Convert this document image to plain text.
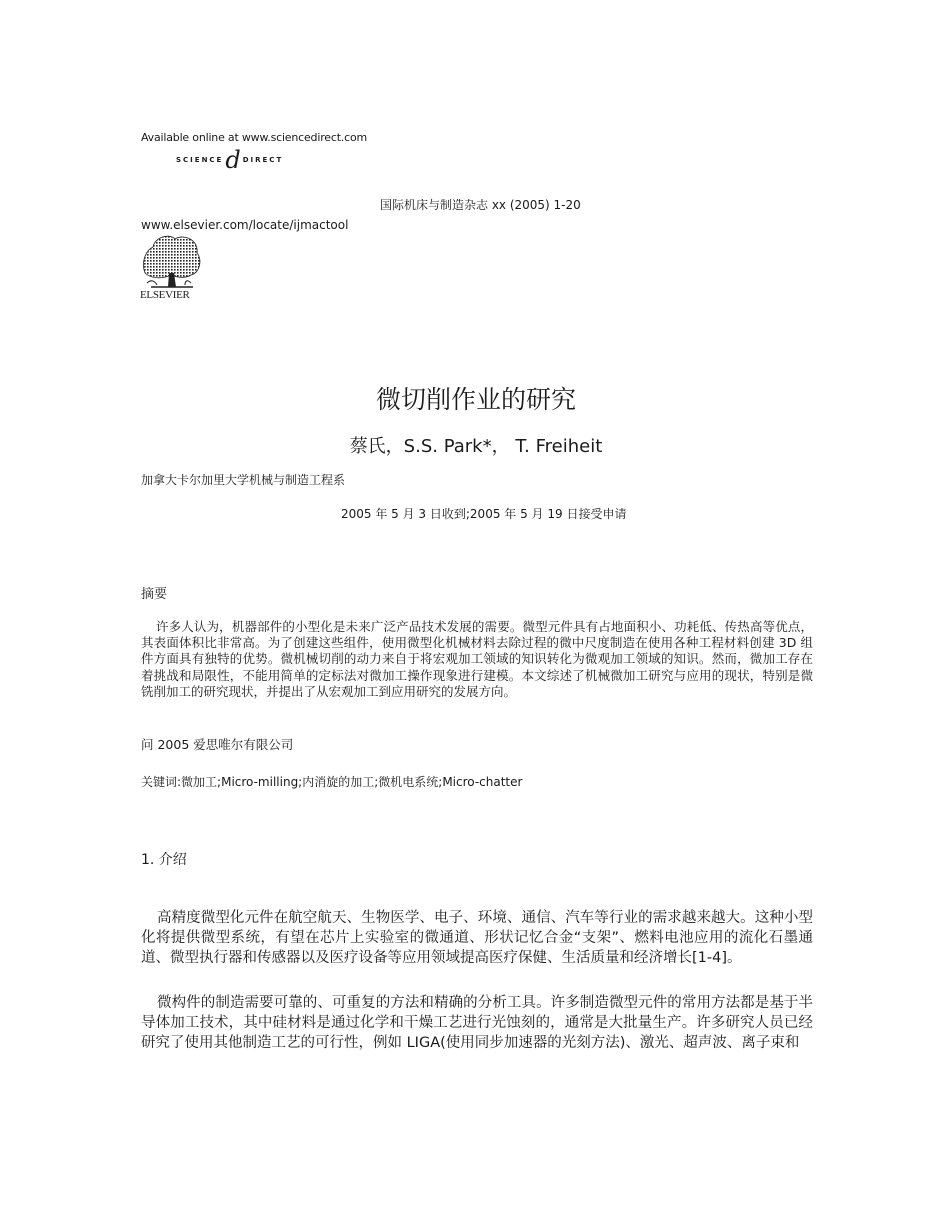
Available online at www.sciencedirect.com
SCIENCE d DIRECT
国际机床与制造杂志 xx (2005) 1-20
www.elsevier.com/locate/ijmactool
ELSEVIER
微切削作业的研究
蔡氏，S.S. Park*， T. Freiheit
加拿大卡尔加里大学机械与制造工程系
2005 年 5 月 3 日收到;2005 年 5 月 19 日接受申请
摘要
许多人认为，机器部件的小型化是未来广泛产品技术发展的需要。微型元件具有占地面积小、功耗低、传热高等优点，其表面体积比非常高。为了创建这些组件，使用微型化机械材料去除过程的微中尺度制造在使用各种工程材料创建 3D 组件方面具有独特的优势。微机械切削的动力来自于将宏观加工领域的知识转化为微观加工领域的知识。然而，微加工存在着挑战和局限性，不能用简单的定标法对微加工操作现象进行建模。本文综述了机械微加工研究与应用的现状，特别是微铣削加工的研究现状，并提出了从宏观加工到应用研究的发展方向。
问 2005 爱思唯尔有限公司
关键词:微加工;Micro-milling;内消旋的加工;微机电系统;Micro-chatter
1. 介绍
高精度微型化元件在航空航天、生物医学、电子、环境、通信、汽车等行业的需求越来越大。这种小型化将提供微型系统，有望在芯片上实验室的微通道、形状记忆合金“支架”、燃料电池应用的流化石墨通道、微型执行器和传感器以及医疗设备等应用领域提高医疗保健、生活质量和经济增长[1-4]。
微构件的制造需要可靠的、可重复的方法和精确的分析工具。许多制造微型元件的常用方法都是基于半导体加工技术，其中硅材料是通过化学和干燥工艺进行光蚀刻的，通常是大批量生产。许多研究人员已经研究了使用其他制造工艺的可行性，例如 LIGA(使用同步加速器的光刻方法)、激光、超声波、离子束和
